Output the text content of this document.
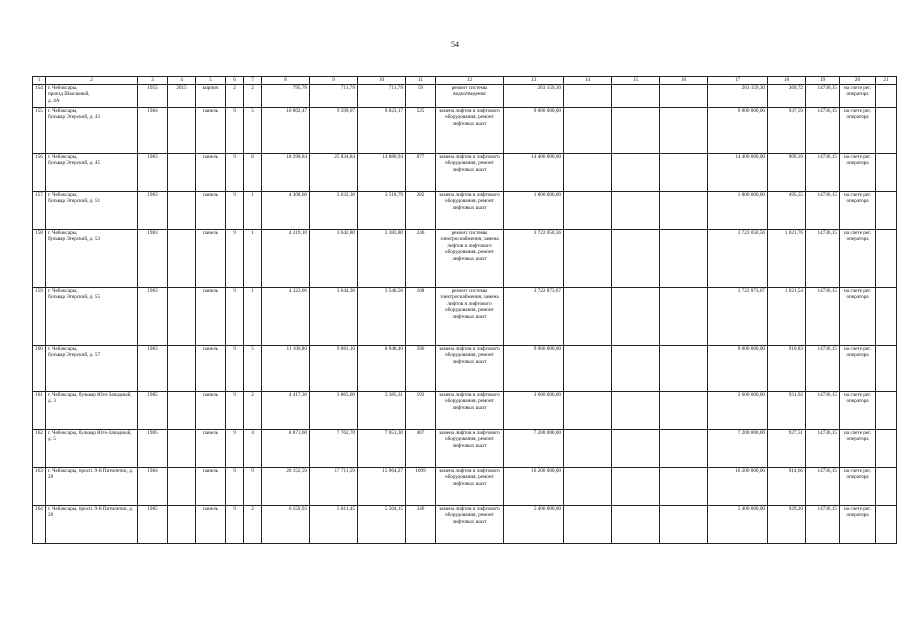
54
1	2	3	4	5	6	7	8	9	10	11	12	13	14	15	16	17	18	19	20	21
154	г. Чебоксары,
проезд Школьный,
д. 4А	1955	2015	кирпич	2	2	795,78	711,78	711,78	59	ремонт системы водоотведения	263 159,30				263 159,30	369,72	14736,15	на счете рег. оператора	
155	г. Чебоксары,
бульвар Эгерский, д. 43	1984		панель	9	5	10 802,47	9 599,07	8 823,17	525	замена лифтов и лифтового оборудования, ремонт лифтовых шахт	9 000 000,00				9 000 000,00	937,59	14736,15	на счете рег. оператора	
156	г. Чебоксары,
бульвар Эгерский, д. 45	1983		панель	9	8	18 298,84	25 834,84	14 880,94	877	замена лифтов и лифтового оборудования, ремонт лифтовых шахт	14 400 000,00				14 400 000,00	909,39	14736,15	на счете рег. оператора	
157	г. Чебоксары,
бульвар Эгерский, д. 51	1983		панель	9	1	4 308,60	3 632,30	3 518,79	282	замена лифтов и лифтового оборудования, ремонт лифтовых шахт	1 800 000,00				1 800 000,00	495,55	14736,15	на счете рег. оператора	
158	г. Чебоксары,
бульвар Эгерский, д. 53	1983		панель	9	1	4 319,10	3 642,80	3 383,80	246	ремонт системы электроснабжения, замена лифтов и лифтового оборудования, ремонт лифтовых шахт	3 722 050,56				3 722 050,56	1 021,76	14736,15	на счете рег. оператора	
159	г. Чебоксары,
бульвар Эгерский, д. 55	1983		панель	9	1	4 323,06	3 644,36	3 546,56	168	ремонт системы электроснабжения, замена лифтов и лифтового оборудования, ремонт лифтовых шахт	3 722 873,67				3 722 873,67	1 021,54	14736,15	на счете рег. оператора	
160	г. Чебоксары,
бульвар Эгерский, д. 57	1983		панель	9	5	11 100,80	9 881,10	8 948,40	586	замена лифтов и лифтового оборудования, ремонт лифтовых шахт	9 000 000,00				9 000 000,00	910,83	14736,15	на счете рег. оператора	
161	г. Чебоксары, бульвар Юго-Западный, д. 3	1985		панель	9	2	4 417,30	3 865,00	3 385,31	193	замена лифтов и лифтового оборудования, ремонт лифтовых шахт	3 600 000,00				3 600 000,00	931,92	14736,15	на счете рег. оператора	
162	г. Чебоксары, бульвар Юго-Западный, д. 5	1985		панель	9	4	8 871,60	7 762,70	7 051,30	407	замена лифтов и лифтового оборудования, ремонт лифтовых шахт	7 200 000,00				7 200 000,00	927,51	14736,15	на счете рег. оператора	
163	г. Чебоксары, просп. 9-й Пятилетки, д. 20	1984		панель	9	9	20 152,59	17 711,59	15 964,27	1009	замена лифтов и лифтового оборудования, ремонт лифтовых шахт	16 200 000,00				16 200 000,00	914,66	14736,15	на счете рег. оператора	
164	г. Чебоксары, просп. 9-й Пятилетки, д. 26	1985		панель	9	2	6 559,93	5 811,45	5 504,15	346	замена лифтов и лифтового оборудования, ремонт лифтовых шахт	5 400 000,00				5 400 000,00	929,20	14736,15	на счете рег. оператора	
